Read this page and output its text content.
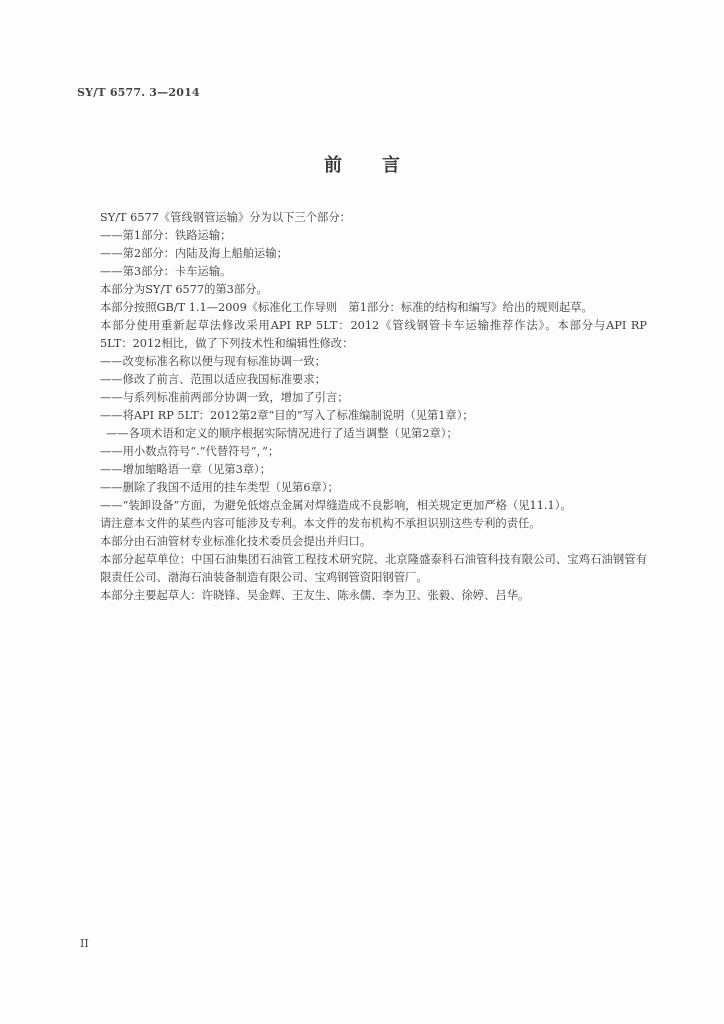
SY/T 6577. 3—2014
前 言

SY/T 6577《管线钢管运输》分为以下三个部分：

——第1部分：铁路运输；

——第2部分：内陆及海上船舶运输；

——第3部分：卡车运输。

本部分为SY/T 6577的第3部分。

本部分按照GB/T 1.1—2009《标准化工作导则　第1部分：标准的结构和编写》给出的规则起草。

本部分使用重新起草法修改采用API RP 5LT：2012《管线钢管卡车运输推荐作法》。本部分与API RP 5LT：2012相比，做了下列技术性和编辑性修改：

——改变标准名称以便与现有标准协调一致；

——修改了前言、范围以适应我国标准要求；

——与系列标准前两部分协调一致，增加了引言；

——将API RP 5LT：2012第2章“目的”写入了标准编制说明（见第1章）；

——各项术语和定义的顺序根据实际情况进行了适当调整（见第2章）；

——用小数点符号“.”代替符号“，”；

——增加缩略语一章（见第3章）；

——删除了我国不适用的挂车类型（见第6章）；

——“装卸设备”方面，为避免低熔点金属对焊缝造成不良影响，相关规定更加严格（见11.1）。

请注意本文件的某些内容可能涉及专利。本文件的发布机构不承担识别这些专利的责任。

本部分由石油管材专业标准化技术委员会提出并归口。

本部分起草单位：中国石油集团石油管工程技术研究院、北京隆盛泰科石油管科技有限公司、宝鸡石油钢管有限责任公司、渤海石油装备制造有限公司、宝鸡钢管资阳钢管厂。

本部分主要起草人：许晓锋、吴金辉、王友生、陈永儒、李为卫、张毅、徐婷、吕华。

II
